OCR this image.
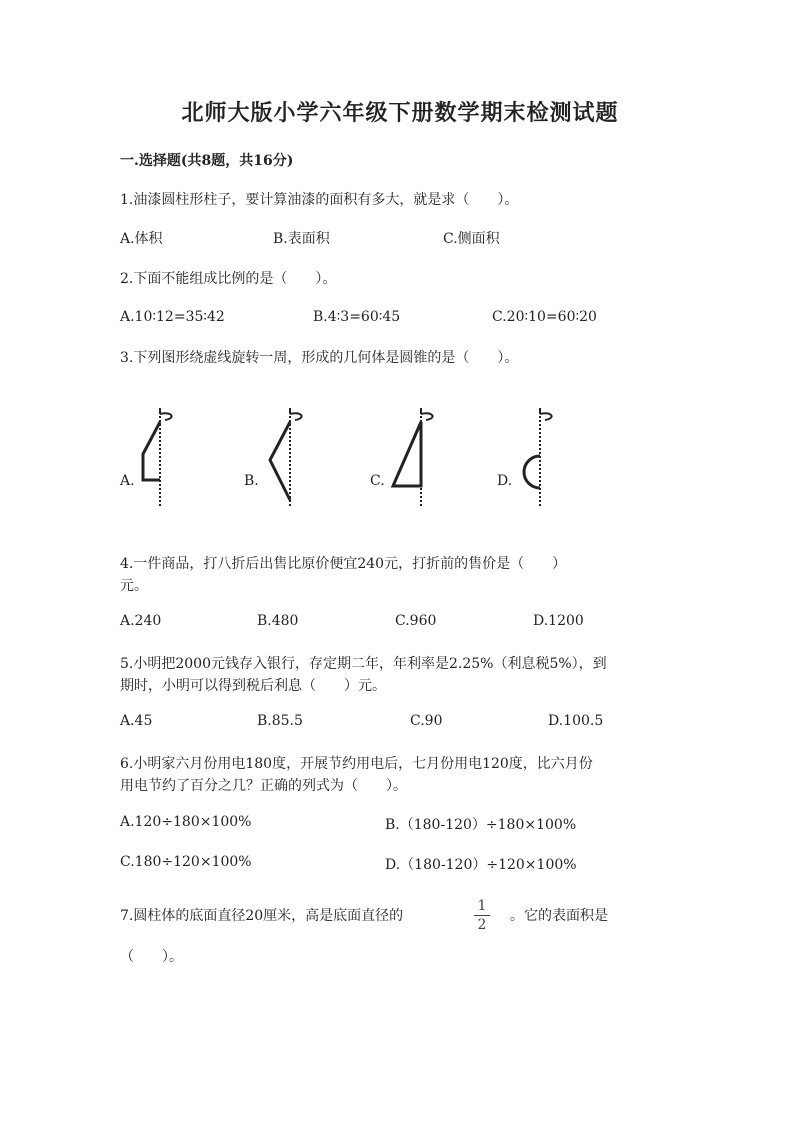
北师大版小学六年级下册数学期末检测试题
一.选择题(共8题，共16分)
1.油漆圆柱形柱子，要计算油漆的面积有多大，就是求（　　）。
A.体积	B.表面积	C.侧面积
2.下面不能组成比例的是（　　）。
A.10∶12=35∶42	B.4∶3=60∶45	C.20∶10=60∶20
3.下列图形绕虚线旋转一周，形成的几何体是圆锥的是（　　）。
A.	B.	C.	D.
4.一件商品，打八折后出售比原价便宜240元，打折前的售价是（　　）
元。
A.240	B.480	C.960	D.1200
5.小明把2000元钱存入银行，存定期二年，年利率是2.25%（利息税5%），到
期时，小明可以得到税后利息（　　）元。
A.45	B.85.5	C.90	D.100.5
6.小明家六月份用电180度，开展节约用电后，七月份用电120度，比六月份
用电节约了百分之几？正确的列式为（　　）。
A.120÷180×100%	B.（180-120）÷180×100%
C.180÷120×100%	D.（180-120）÷120×100%
7.圆柱体的底面直径20厘米，高是底面直径的
1
2
。它的表面积是
（　　）。
